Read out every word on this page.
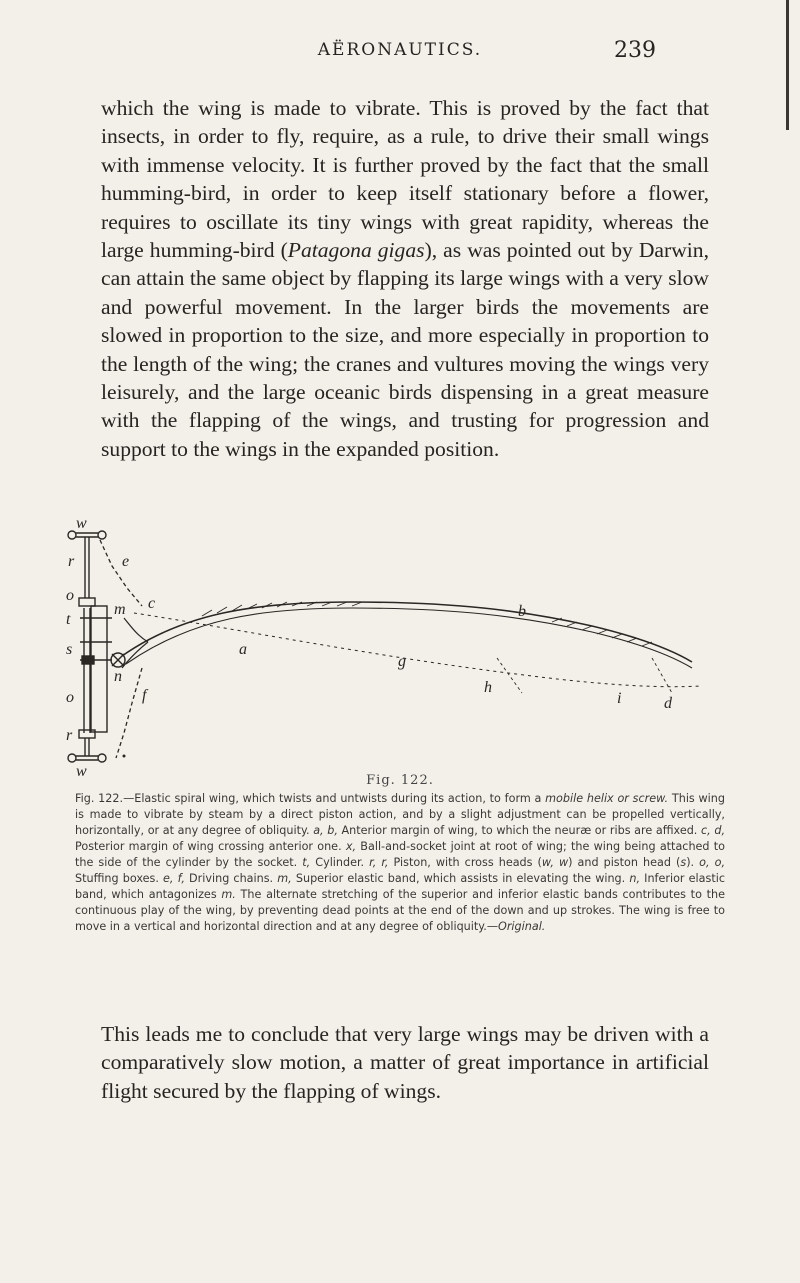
AËRONAUTICS.	239

which the wing is made to vibrate. This is proved by the fact that insects, in order to fly, require, as a rule, to drive their small wings with immense velocity. It is further proved by the fact that the small humming-bird, in order to keep itself stationary before a flower, requires to oscillate its tiny wings with great rapidity, whereas the large humming-bird (Patagona gigas), as was pointed out by Darwin, can attain the same object by flapping its large wings with a very slow and powerful movement. In the larger birds the movements are slowed in proportion to the size, and more especially in proportion to the length of the wing; the cranes and vultures moving the wings very leisurely, and the large oceanic birds dispensing in a great measure with the flapping of the wings, and trusting for progression and support to the wings in the expanded position.

w
r
o
t
s
o
r
w
e
c
m
n
a
b
f
g
h
i	d
Fig. 122.

Fig. 122.—Elastic spiral wing, which twists and untwists during its action, to form a mobile helix or screw. This wing is made to vibrate by steam by a direct piston action, and by a slight adjustment can be propelled vertically, horizontally, or at any degree of obliquity. a, b, Anterior margin of wing, to which the neuræ or ribs are affixed. c, d, Posterior margin of wing crossing anterior one. x, Ball-and-socket joint at root of wing; the wing being attached to the side of the cylinder by the socket. t, Cylinder. r, r, Piston, with cross heads (w, w) and piston head (s). o, o, Stuffing boxes. e, f, Driving chains. m, Superior elastic band, which assists in elevating the wing. n, Inferior elastic band, which antagonizes m. The alternate stretching of the superior and inferior elastic bands contributes to the continuous play of the wing, by preventing dead points at the end of the down and up strokes. The wing is free to move in a vertical and horizontal direction and at any degree of obliquity.—Original.

This leads me to conclude that very large wings may be driven with a comparatively slow motion, a matter of great importance in artificial flight secured by the flapping of wings.
